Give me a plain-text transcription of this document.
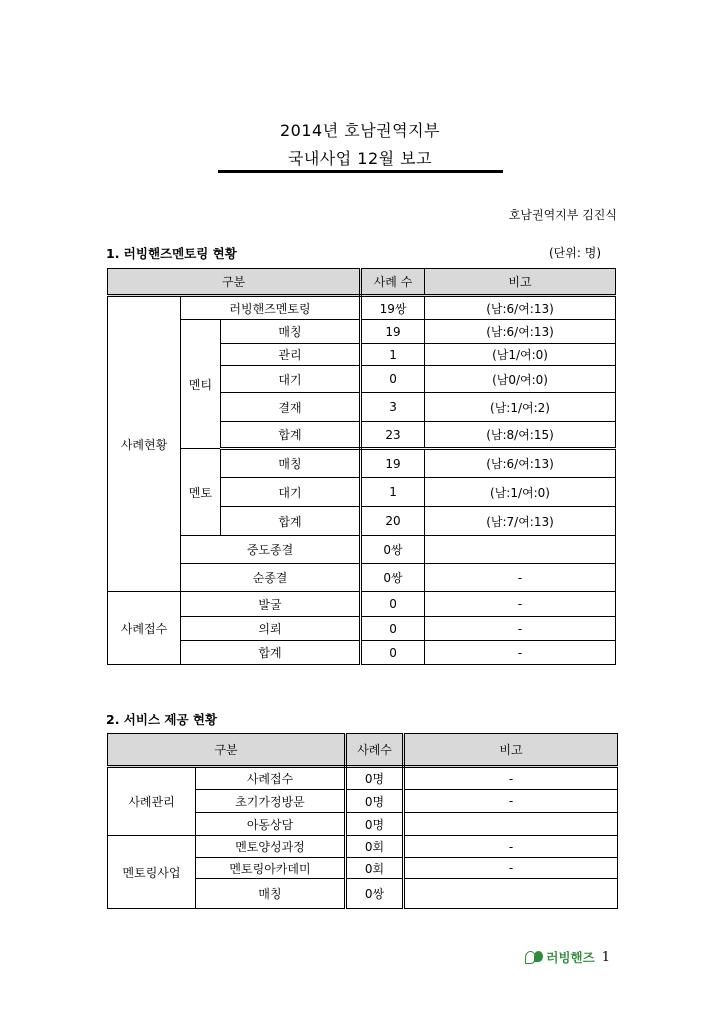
2014년 호남권역지부
국내사업 12월 보고
호남권역지부 김진식
1. 러빙핸즈멘토링 현황	(단위: 명)
구분			사례 수	비고
사례현황	러빙핸즈멘토링		19쌍	(남:6/여:13)
	멘티	매칭	19	(남:6/여:13)
		관리	1	(남1/여:0)
		대기	0	(남0/여:0)
		결재	3	(남:1/여:2)
		합계	23	(남:8/여:15)
	멘토	매칭	19	(남:6/여:13)
		대기	1	(남:1/여:0)
		합계	20	(남:7/여:13)
	중도종결		0쌍	
	순종결		0쌍	-
사례접수	발굴		0	-
	의뢰		0	-
	합계		0	-
2. 서비스 제공 현황
구분		사례수	비고
사례관리	사례접수	0명	-
	초기가정방문	0명	-
	아동상담	0명	
멘토링사업	멘토양성과정	0회	-
	멘토링아카데미	0회	-
	매칭	0쌍	
러빙핸즈 1
